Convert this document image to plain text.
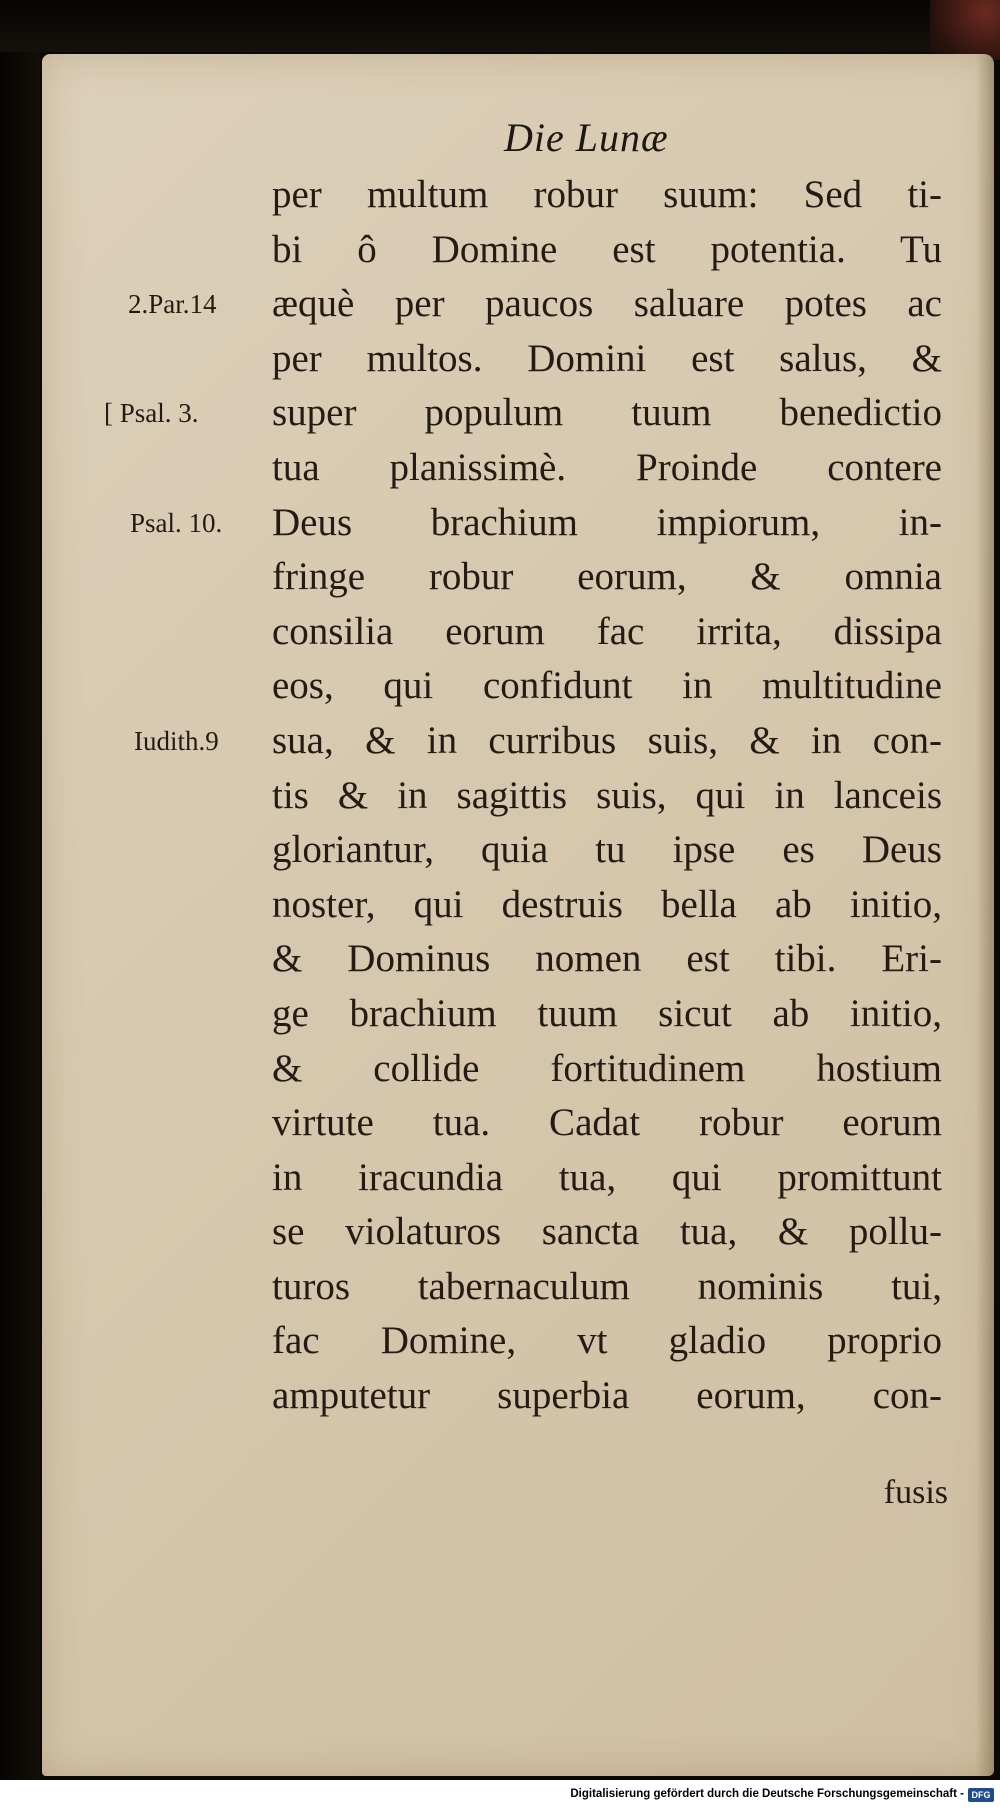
Die Lunæ
per multum robur suum: Sed ti-
bi ô Domine est potentia. Tu
æquè per paucos saluare potes ac
per multos. Domini est salus, &
super populum tuum benedictio
tua planissimè. Proinde contere
Deus brachium impiorum, in-
fringe robur eorum, & omnia
consilia eorum fac irrita, dissipa
eos, qui confidunt in multitudine
sua, & in curribus suis, & in con-
tis & in sagittis suis, qui in lanceis
gloriantur, quia tu ipse es Deus
noster, qui destruis bella ab initio,
& Dominus nomen est tibi. Eri-
ge brachium tuum sicut ab initio,
& collide fortitudinem hostium
virtute tua. Cadat robur eorum
in iracundia tua, qui promittunt
se violaturos sancta tua, & pollu-
turos tabernaculum nominis tui,
fac Domine, vt gladio proprio
amputetur superbia eorum, con-
2.Par.14
[ Psal. 3.
Psal. 10.
Iudith.9
fusis
Digitalisierung gefördert durch die Deutsche Forschungsgemeinschaft - DFG
